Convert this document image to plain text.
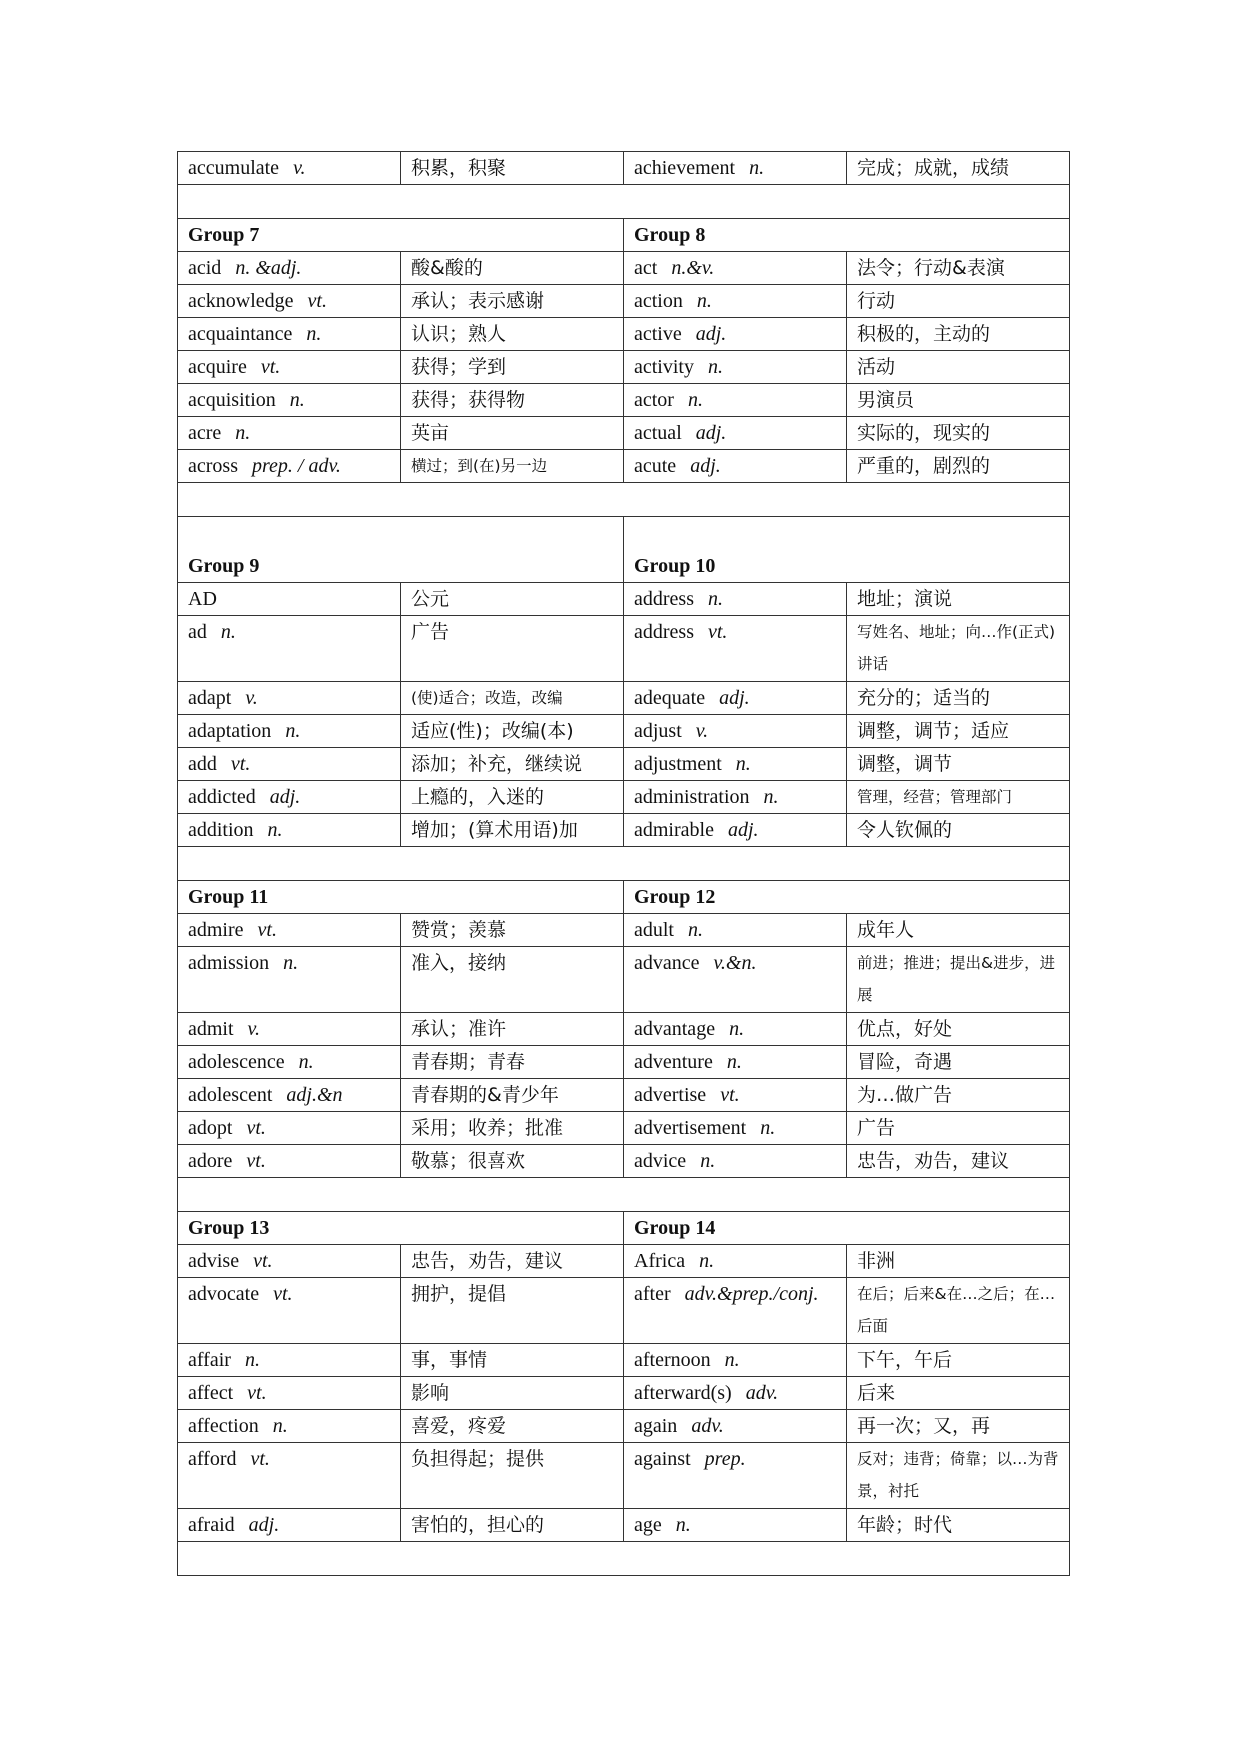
accumulate v.	积累，积聚	achievement n.	完成；成就，成绩

Group 7		Group 8	
acid n. &adj.	酸&酸的	act n.&v.	法令；行动&表演
acknowledge vt.	承认；表示感谢	action n.	行动
acquaintance n.	认识；熟人	active adj.	积极的，主动的
acquire vt.	获得；学到	activity n.	活动
acquisition n.	获得；获得物	actor n.	男演员
acre n.	英亩	actual adj.	实际的，现实的
across prep. / adv.	横过；到(在)另一边	acute adj.	严重的，剧烈的

Group 9		Group 10	
AD	公元	address n.	地址；演说
ad n.	广告	address vt.	写姓名、地址；向…作(正式)讲话
adapt v.	(使)适合；改造，改编	adequate adj.	充分的；适当的
adaptation n.	适应(性)；改编(本)	adjust v.	调整，调节；适应
add vt.	添加；补充，继续说	adjustment n.	调整，调节
addicted adj.	上瘾的，入迷的	administration n.	管理，经营；管理部门
addition n.	增加；(算术用语)加	admirable adj.	令人钦佩的

Group 11		Group 12	
admire vt.	赞赏；羡慕	adult n.	成年人
admission n.	准入，接纳	advance v.&n.	前进；推进；提出&进步，进展
admit v.	承认；准许	advantage n.	优点，好处
adolescence n.	青春期；青春	adventure n.	冒险，奇遇
adolescent adj.&n	青春期的&青少年	advertise vt.	为…做广告
adopt vt.	采用；收养；批准	advertisement n.	广告
adore vt.	敬慕；很喜欢	advice n.	忠告，劝告，建议

Group 13		Group 14	
advise vt.	忠告，劝告，建议	Africa n.	非洲
advocate vt.	拥护，提倡	after adv.&prep./conj.	在后；后来&在…之后；在…后面
affair n.	事，事情	afternoon n.	下午，午后
affect vt.	影响	afterward(s) adv.	后来
affection n.	喜爱，疼爱	again adv.	再一次；又，再
afford vt.	负担得起；提供	against prep.	反对；违背；倚靠；以…为背景，衬托
afraid adj.	害怕的，担心的	age n.	年龄；时代
